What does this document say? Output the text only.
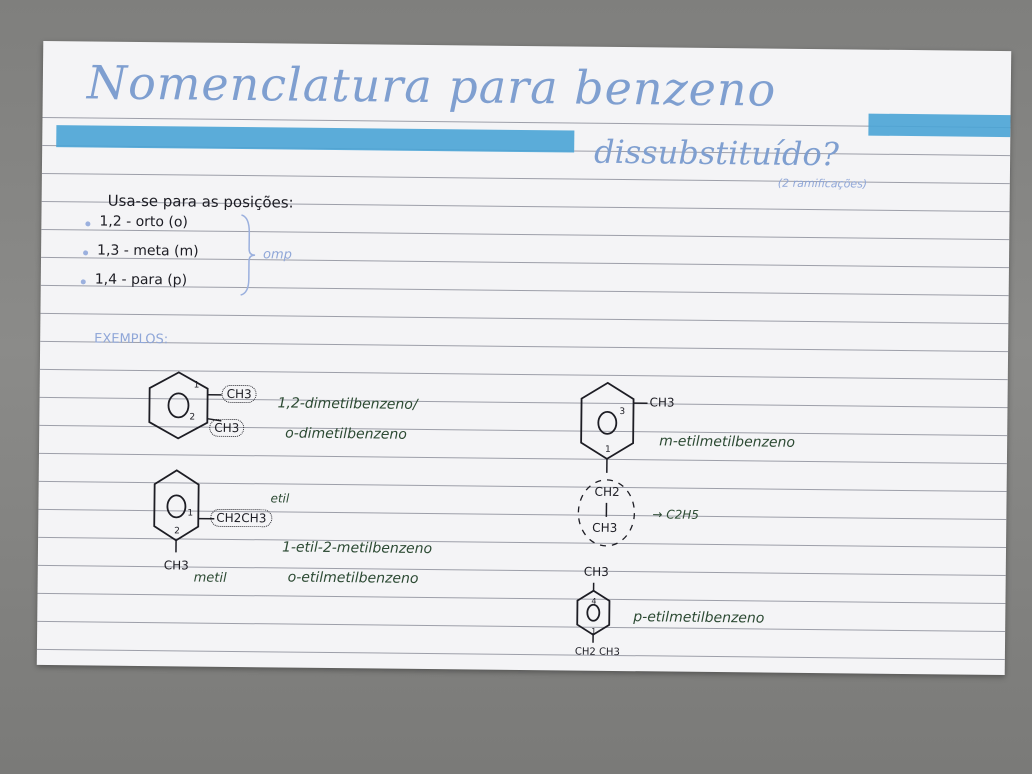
Nomenclatura para benzeno
dissubstituído?
(2 ramificações)
Usa-se para as posições:
1,2 - orto (o)
1,3 - meta (m)
1,4 - para (p)
omp
EXEMPLOS:
1
2
CH3
CH3
1,2-dimetilbenzeno/
o-dimetilbenzeno
1
2
CH2CH3
etil
CH3
metil
1-etil-2-metilbenzeno
o-etilmetilbenzeno
3
1
CH3
m-etilmetilbenzeno
CH2
CH3
→ C2H5
CH3
4
1
CH2 CH3
p-etilmetilbenzeno
